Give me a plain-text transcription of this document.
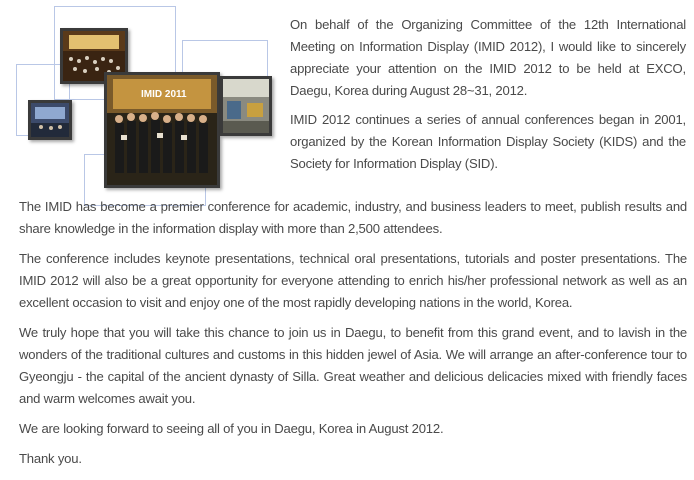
IMID 2011

On behalf of the Organizing Committee of the 12th International Meeting on Information Display (IMID 2012), I would like to sincerely appreciate your attention on the IMID 2012 to be held at EXCO, Daegu, Korea during August 28~31, 2012.

IMID 2012 continues a series of annual conferences began in 2001, organized by the Korean Information Display Society (KIDS) and the Society for Information Display (SID).

The IMID has become a premier conference for academic, industry, and business leaders to meet, publish results and share knowledge in the information display with more than 2,500 attendees.

The conference includes keynote presentations, technical oral presentations, tutorials and poster presentations. The IMID 2012 will also be a great opportunity for everyone attending to enrich his/her professional network as well as an excellent occasion to visit and enjoy one of the most rapidly developing nations in the world, Korea.

We truly hope that you will take this chance to join us in Daegu, to benefit from this grand event, and to lavish in the wonders of the traditional cultures and customs in this hidden jewel of Asia. We will arrange an after-conference tour to Gyeongju - the capital of the ancient dynasty of Silla. Great weather and delicious delicacies mixed with friendly faces and warm welcomes await you.

We are looking forward to seeing all of you in Daegu, Korea in August 2012.

Thank you.
